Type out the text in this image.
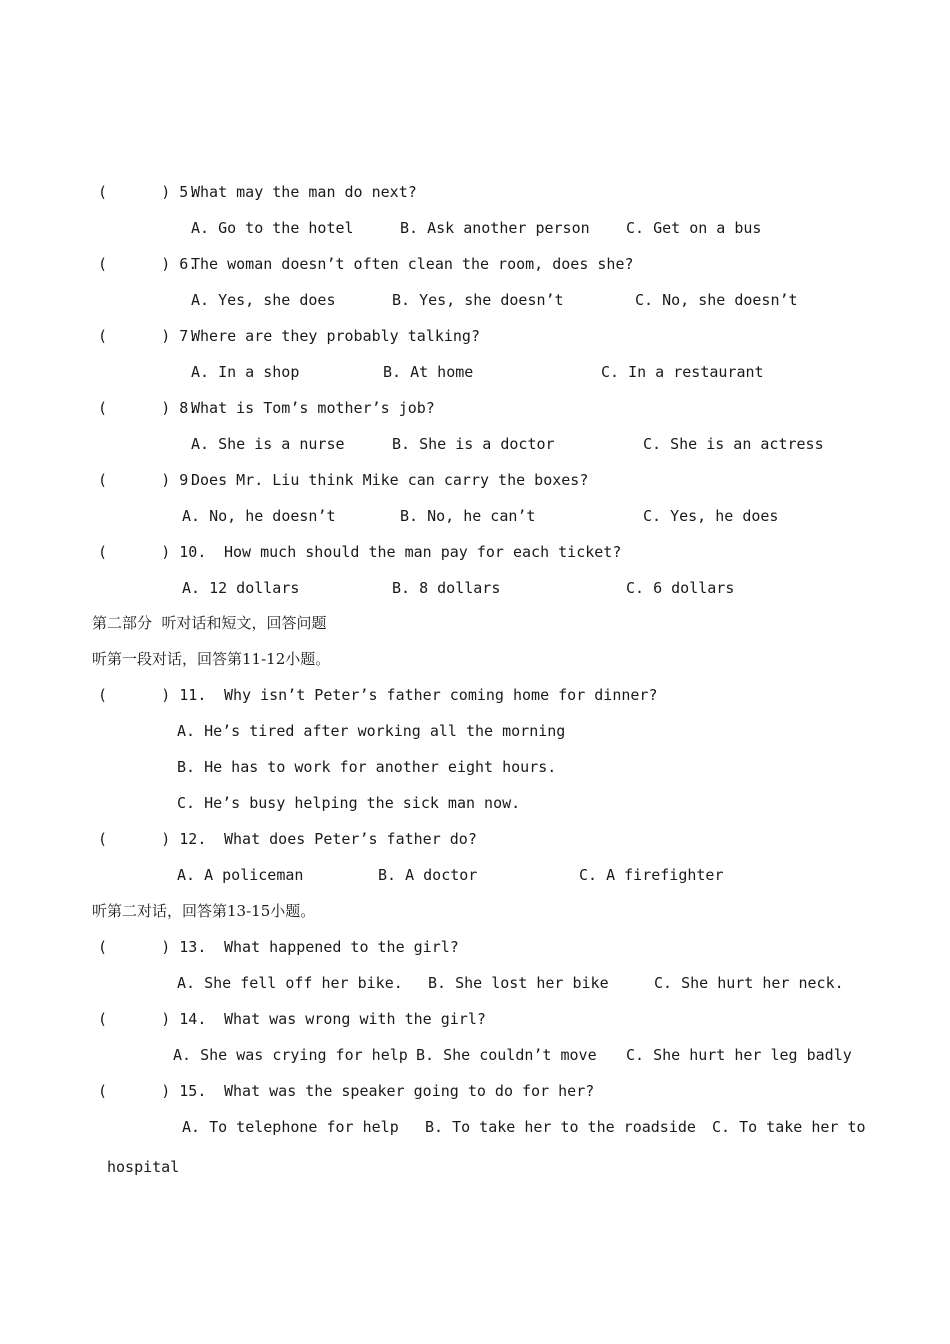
(      ) 5.
What may the man do next?
A. Go to the hotel	B. Ask another person C. Get on a bus
(      ) 6.
The woman doesn’t often clean the room, does she?
A. Yes, she does	B. Yes, she doesn’t	C. No, she doesn’t
(      ) 7.
Where are they probably talking?
A. In a shop	B. At home	C. In a restaurant
(      ) 8.
What is Tom’s mother’s job?
A. She is a nurse	B. She is a doctor	C. She is an actress
(      ) 9.
Does Mr. Liu think Mike can carry the boxes?
A. No, he doesn’t	B. No, he can’t	C. Yes, he does
(      ) 10. How much should the man pay for each ticket?
A. 12 dollars	B. 8 dollars	C. 6 dollars
第二部分  听对话和短文，回答问题
听第一段对话，回答第11-12小题。
(      ) 11. Why isn’t Peter’s father coming home for dinner?
A. He’s tired after working all the morning
B. He has to work for another eight hours.
C. He’s busy helping the sick man now.
(      ) 12. What does Peter’s father do?
A. A policeman	B. A doctor	C. A firefighter
听第二对话，回答第13-15小题。
(      ) 13. What happened to the girl?
A. She fell off her bike. B. She lost her bike	C. She hurt her neck.
(      ) 14. What was wrong with the girl?
A. She was crying for help B. She couldn’t move C. She hurt her leg badly
(      ) 15. What was the speaker going to do for her?
A. To telephone for help B. To take her to the roadside C. To take her to
hospital
